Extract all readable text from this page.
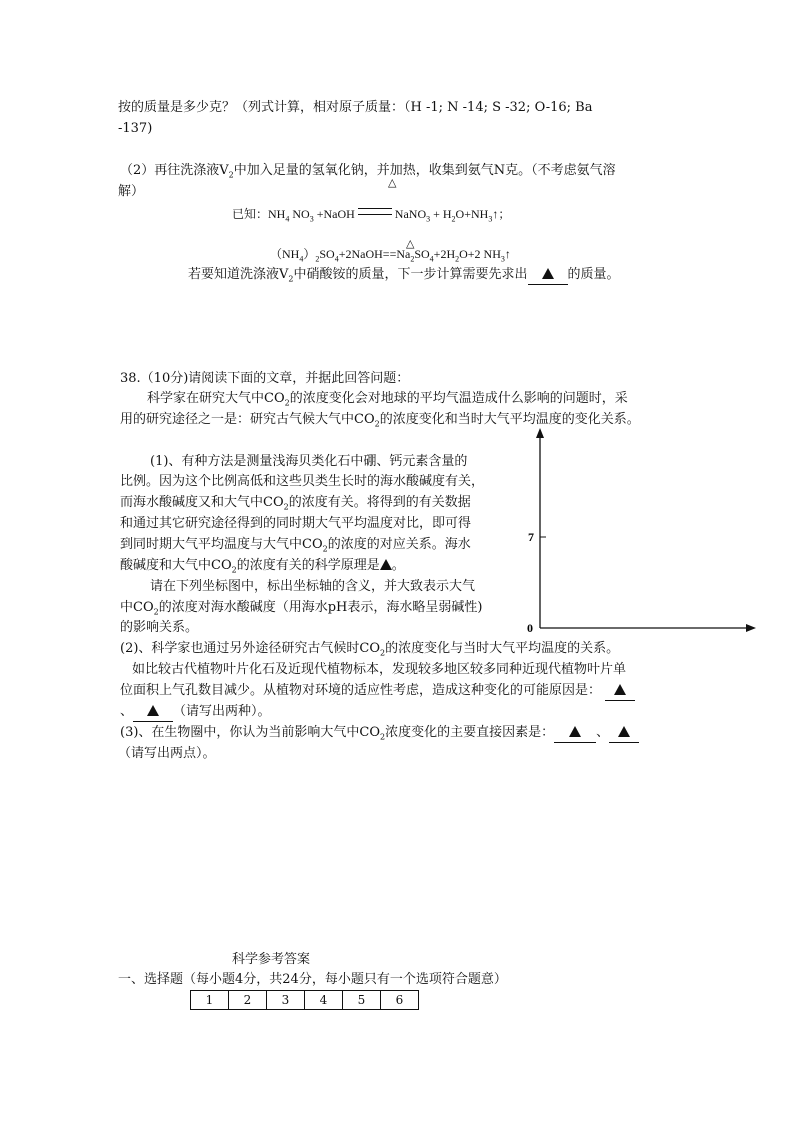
按的质量是多少克？（列式计算，相对原子质量：（H -1; N -14; S -32; O-16; Ba
-137)
（2）再往洗涤液$V_2$中加入足量的氢氧化钠，并加热，收集到氨气N克。（不考虑氨气溶
△
解）
已知：$NH_4$ $NO_3$ +NaOH	NaNO$_3$ + $H_2O+NH_3↑$；
△
$(NH_4)_2SO_4+2NaOH==Na_2SO_4+2H_2O+2$ $NH_3↑$
若要知道洗涤液$V_2$中硝酸铵的质量，下一步计算需要先求出	的质量。
38.（10分)请阅读下面的文章，并据此回答问题：
科学家在研究大气中$CO_2$的浓度变化会对地球的平均气温造成什么影响的问题时，采
用的研究途径之一是：研究古气候大气中$CO_2$的浓度变化和当时大气平均温度的变化关系。
(1)、有种方法是测量浅海贝类化石中硼、钙元素含量的
比例。因为这个比例高低和这些贝类生长时的海水酸碱度有关，
而海水酸碱度又和大气中$CO_2$的浓度有关。将得到的有关数据
和通过其它研究途径得到的同时期大气平均温度对比，即可得
到同时期大气平均温度与大气中$CO_2$的浓度的对应关系。海水
酸碱度和大气中$CO_2$的浓度有关的科学原理是 。
请在下列坐标图中，标出坐标轴的含义，并大致表示大气
中$CO_2$的浓度对海水酸碱度（用海水pH表示，海水略呈弱碱性)
的影响关系。
7
0
(2)、科学家也通过另外途径研究古气候时$CO_2$的浓度变化与当时大气平均温度的关系。
如比较古代植物叶片化石及近现代植物标本，发现较多地区较多同种近现代植物叶片单
位面积上气孔数目减少。从植物对环境的适应性考虑，造成这种变化的可能原因是：
、	（请写出两种）。
(3)、在生物圈中，你认为当前影响大气中$CO_2$浓度变化的主要直接因素是：	、
（请写出两点）。
科学参考答案
一、选择题（每小题4分，共24分，每小题只有一个选项符合题意）
1	2	3	4	5	6
